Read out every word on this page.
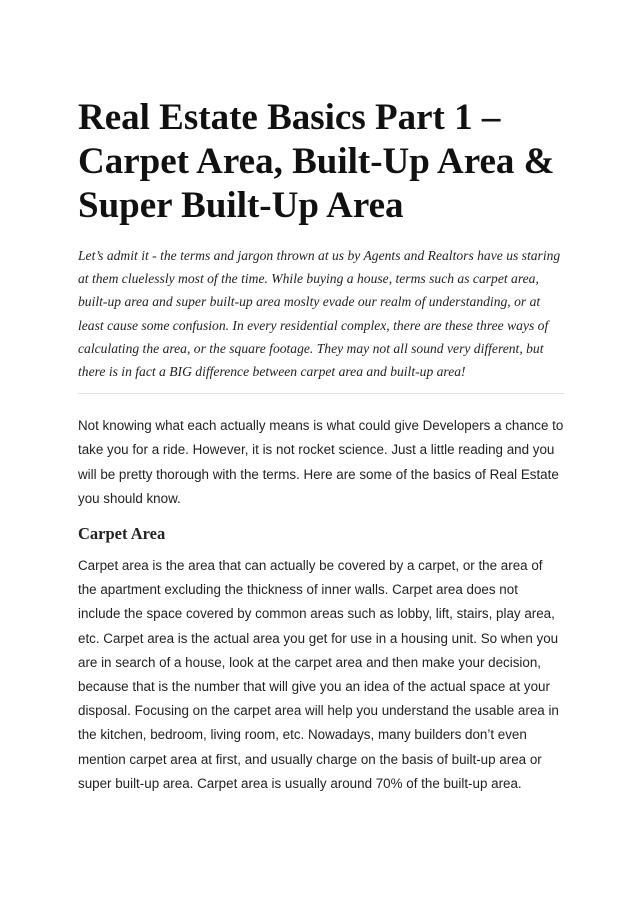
Real Estate Basics Part 1 –
Carpet Area, Built-Up Area &
Super Built-Up Area

Let’s admit it - the terms and jargon thrown at us by Agents and Realtors have us staring at them cluelessly most of the time. While buying a house, terms such as carpet area, built-up area and super built-up area moslty evade our realm of understanding, or at least cause some confusion. In every residential complex, there are these three ways of calculating the area, or the square footage. They may not all sound very different, but there is in fact a BIG difference between carpet area and built-up area!

Not knowing what each actually means is what could give Developers a chance to take you for a ride. However, it is not rocket science. Just a little reading and you will be pretty thorough with the terms. Here are some of the basics of Real Estate you should know.

Carpet Area

Carpet area is the area that can actually be covered by a carpet, or the area of the apartment excluding the thickness of inner walls. Carpet area does not include the space covered by common areas such as lobby, lift, stairs, play area, etc. Carpet area is the actual area you get for use in a housing unit. So when you are in search of a house, look at the carpet area and then make your decision, because that is the number that will give you an idea of the actual space at your disposal. Focusing on the carpet area will help you understand the usable area in the kitchen, bedroom, living room, etc. Nowadays, many builders don’t even mention carpet area at first, and usually charge on the basis of built-up area or super built-up area. Carpet area is usually around 70% of the built-up area.
